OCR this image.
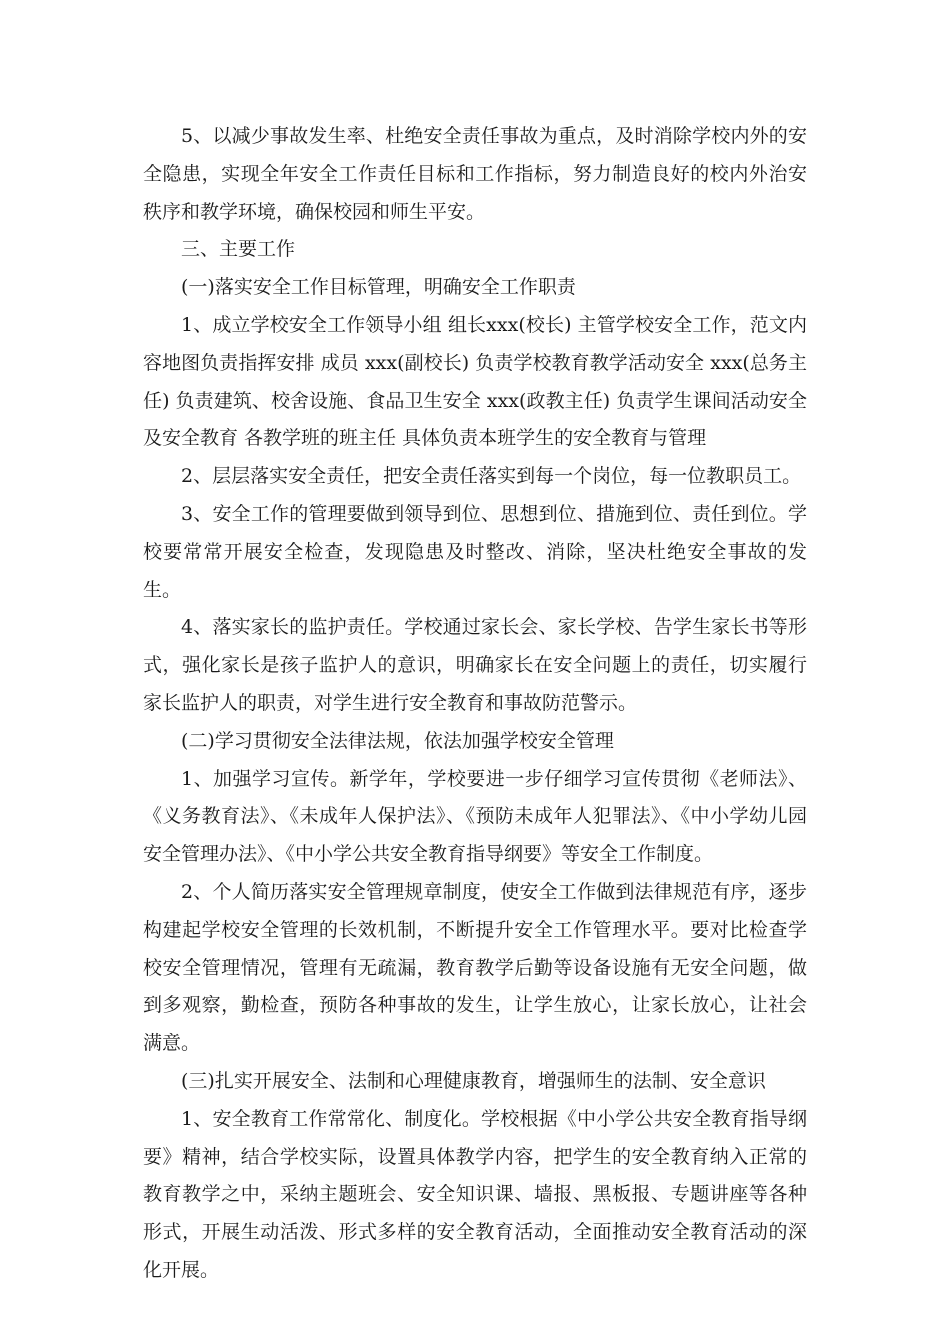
5、以减少事故发生率、杜绝安全责任事故为重点，及时消除学校内外的安全隐患，实现全年安全工作责任目标和工作指标，努力制造良好的校内外治安秩序和教学环境，确保校园和师生平安。

三、主要工作

(一)落实安全工作目标管理，明确安全工作职责

1、成立学校安全工作领导小组 组长xxx(校长) 主管学校安全工作，范文内容地图负责指挥安排 成员 xxx(副校长) 负责学校教育教学活动安全 xxx(总务主任) 负责建筑、校舍设施、食品卫生安全 xxx(政教主任) 负责学生课间活动安全及安全教育 各教学班的班主任 具体负责本班学生的安全教育与管理

2、层层落实安全责任，把安全责任落实到每一个岗位，每一位教职员工。

3、安全工作的管理要做到领导到位、思想到位、措施到位、责任到位。学校要常常开展安全检查，发现隐患及时整改、消除，坚决杜绝安全事故的发生。

4、落实家长的监护责任。学校通过家长会、家长学校、告学生家长书等形式，强化家长是孩子监护人的意识，明确家长在安全问题上的责任，切实履行家长监护人的职责，对学生进行安全教育和事故防范警示。

(二)学习贯彻安全法律法规，依法加强学校安全管理

1、加强学习宣传。新学年，学校要进一步仔细学习宣传贯彻《老师法》、《义务教育法》、《未成年人保护法》、《预防未成年人犯罪法》、《中小学幼儿园安全管理办法》、《中小学公共安全教育指导纲要》等安全工作制度。

2、个人简历落实安全管理规章制度，使安全工作做到法律规范有序，逐步构建起学校安全管理的长效机制，不断提升安全工作管理水平。要对比检查学校安全管理情况，管理有无疏漏，教育教学后勤等设备设施有无安全问题，做到多观察，勤检查，预防各种事故的发生，让学生放心，让家长放心，让社会满意。

(三)扎实开展安全、法制和心理健康教育，增强师生的法制、安全意识

1、安全教育工作常常化、制度化。学校根据《中小学公共安全教育指导纲要》精神，结合学校实际，设置具体教学内容，把学生的安全教育纳入正常的教育教学之中，采纳主题班会、安全知识课、墙报、黑板报、专题讲座等各种形式，开展生动活泼、形式多样的安全教育活动，全面推动安全教育活动的深化开展。
